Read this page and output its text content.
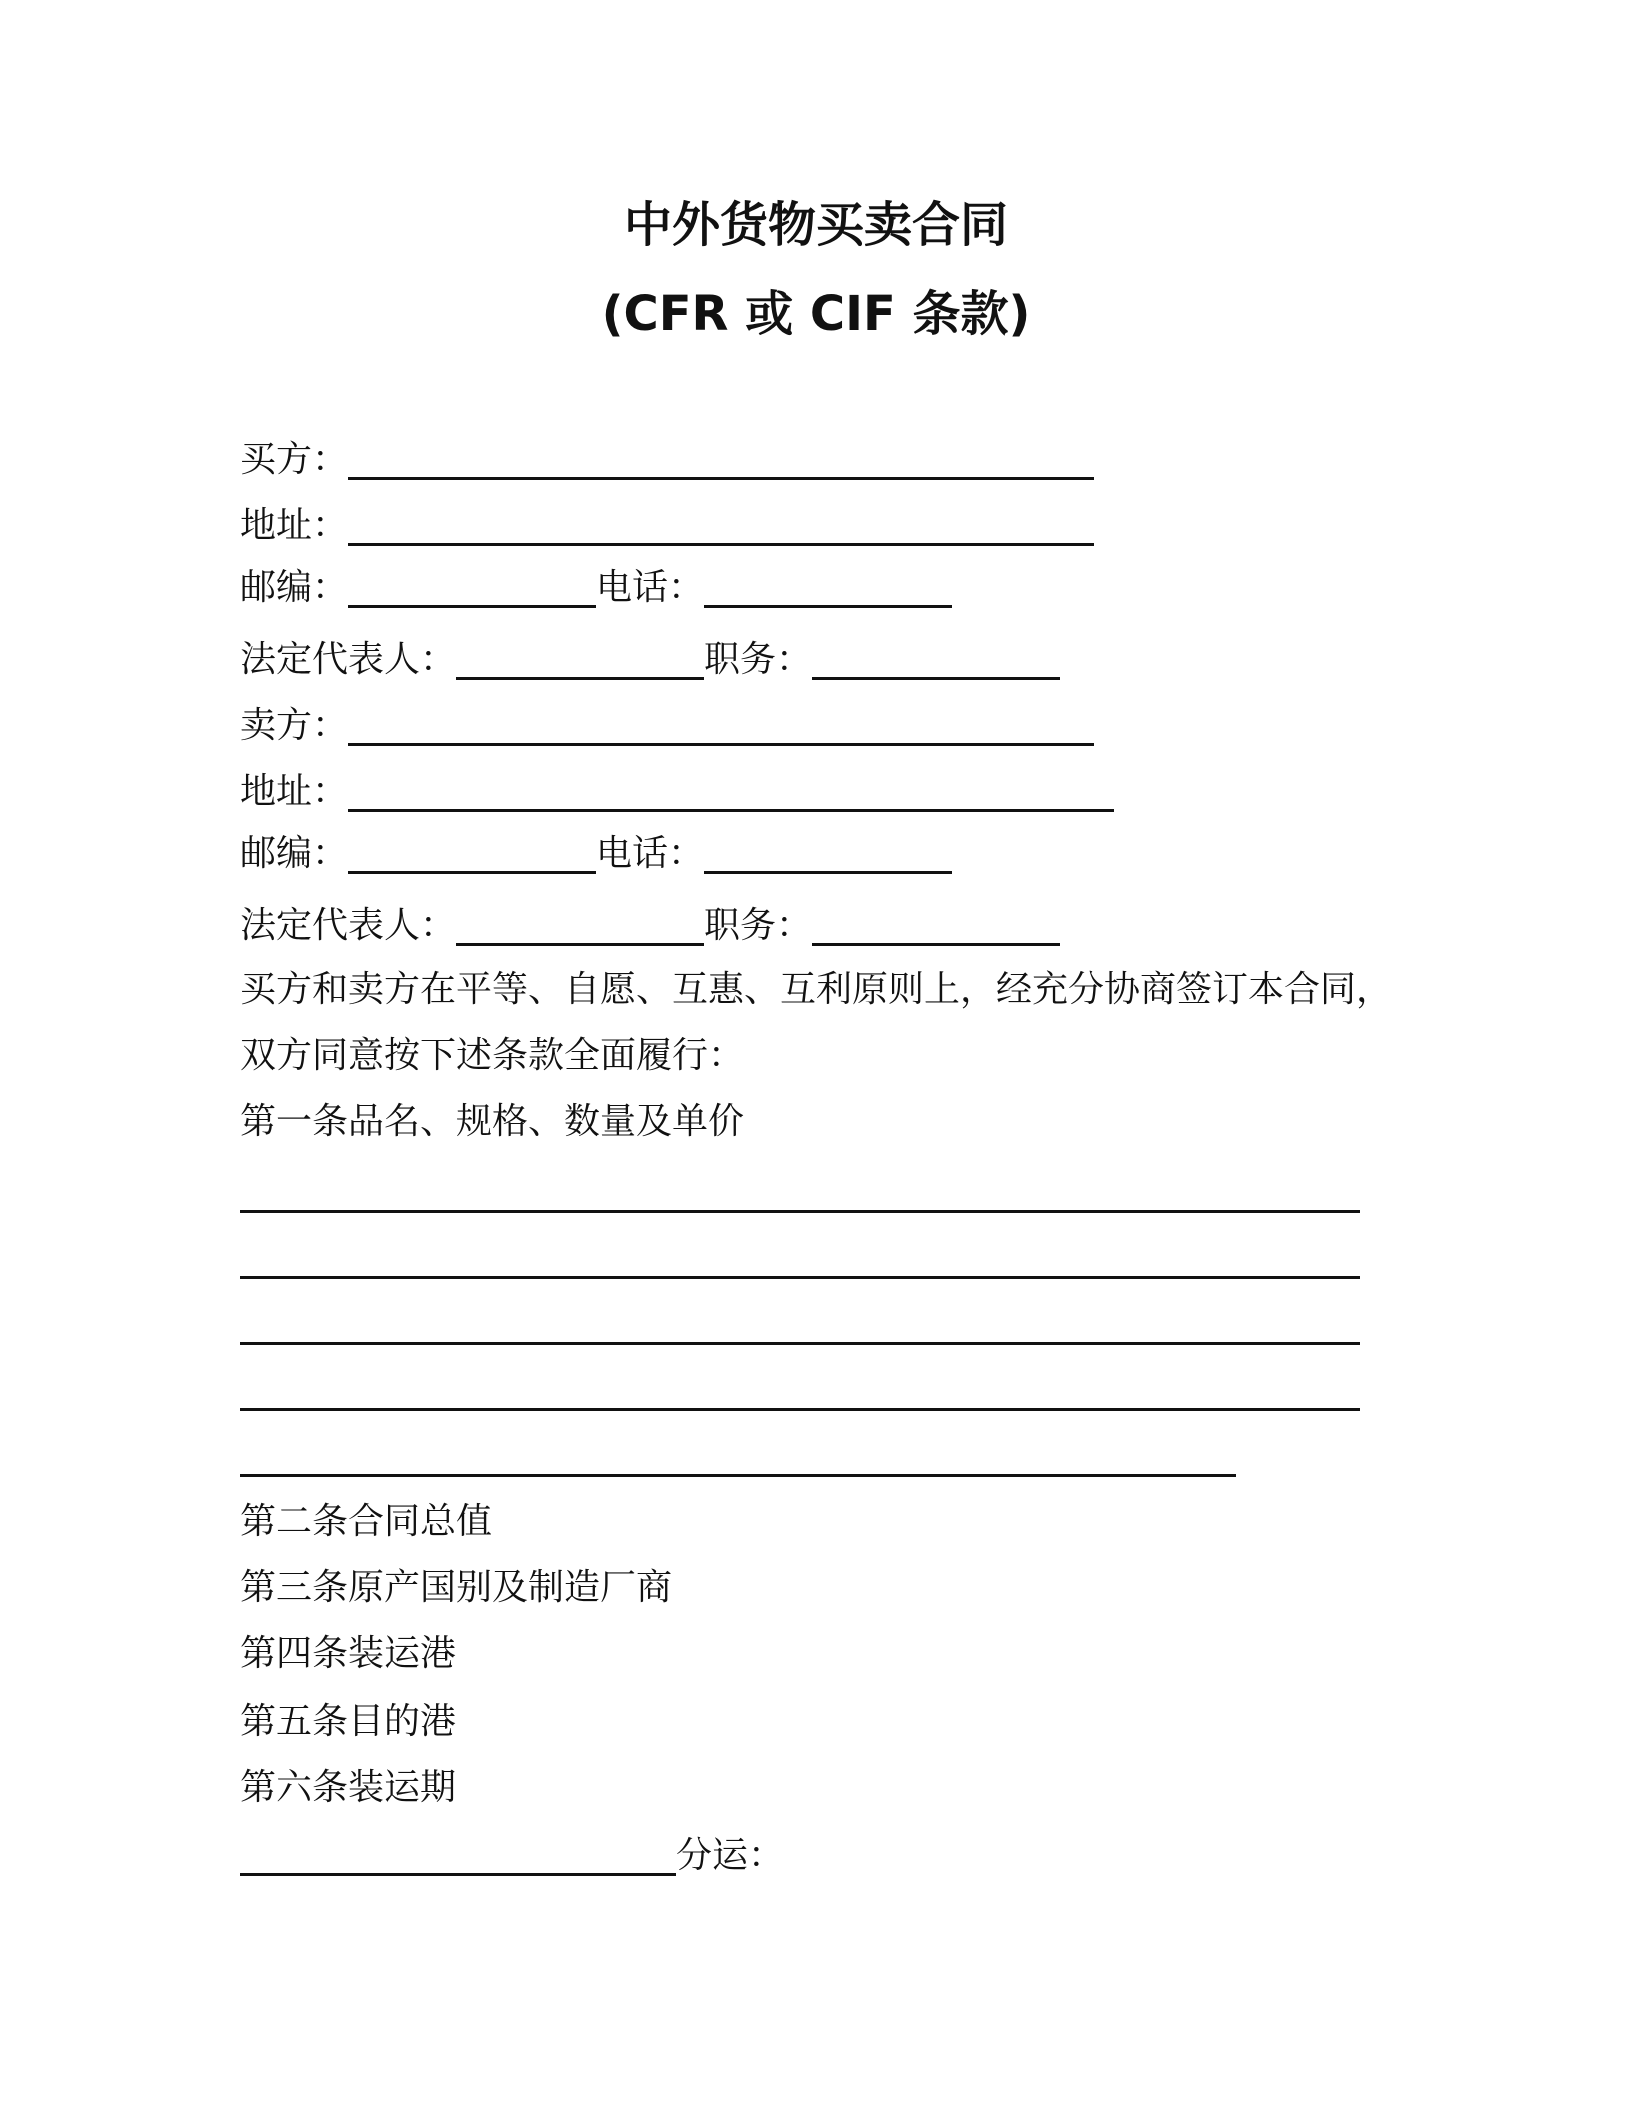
中外货物买卖合同
(CFR 或 CIF 条款)
买方：
地址：
邮编：	电话：
法定代表人：	职务：
卖方：
地址：
邮编：	电话：
法定代表人：	职务：
买方和卖方在平等、自愿、互惠、互利原则上，经充分协商签订本合同，
双方同意按下述条款全面履行：
第一条品名、规格、数量及单价
第二条合同总值
第三条原产国别及制造厂商
第四条装运港
第五条目的港
第六条装运期
分运：
